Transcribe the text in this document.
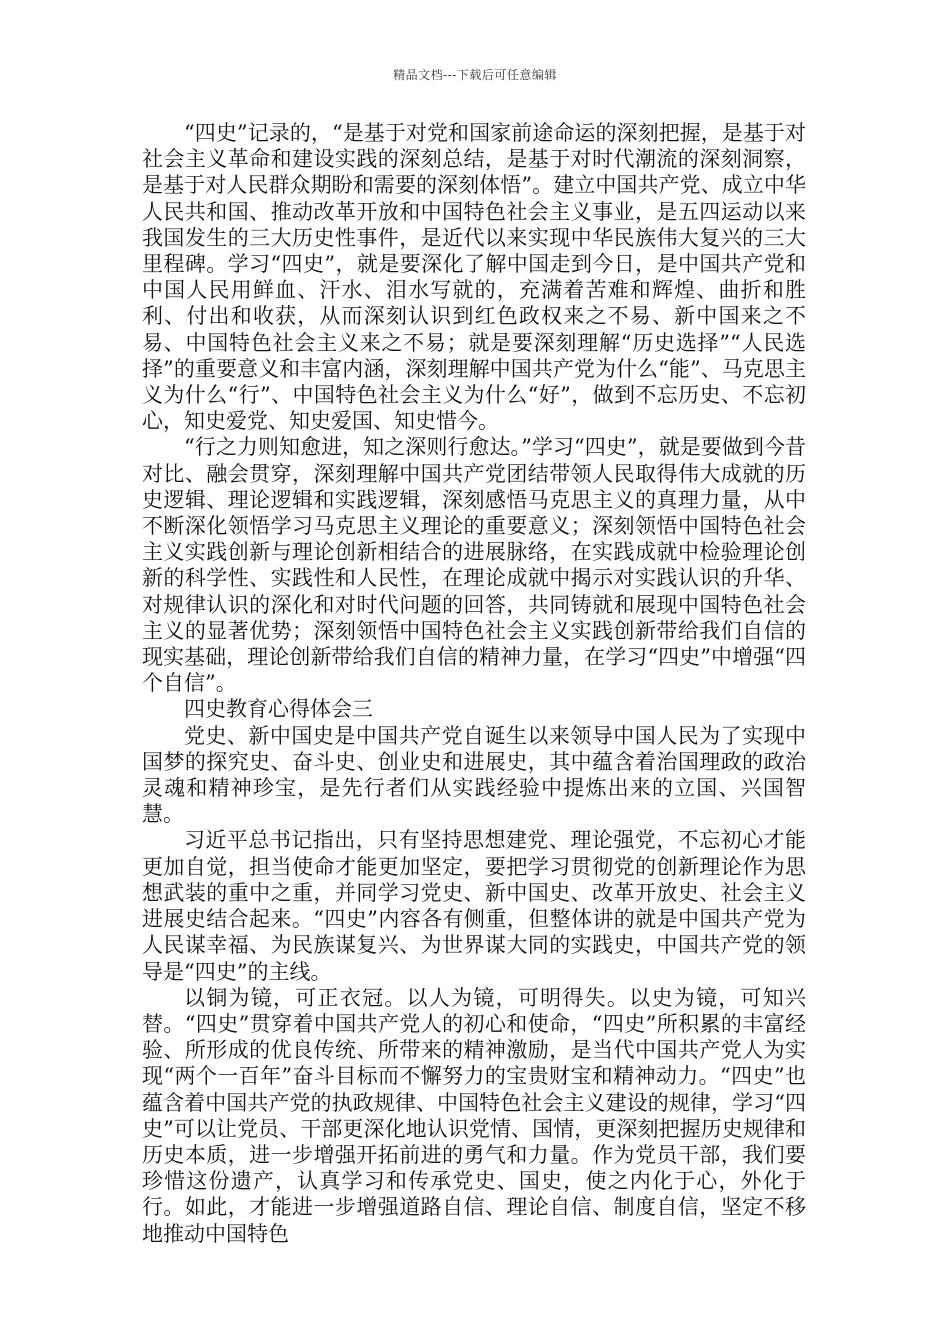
精品文档---下载后可任意编辑

“四史”记录的，“是基于对党和国家前途命运的深刻把握，是基于对社会主义革命和建设实践的深刻总结，是基于对时代潮流的深刻洞察，是基于对人民群众期盼和需要的深刻体悟”。建立中国共产党、成立中华人民共和国、推动改革开放和中国特色社会主义事业，是五四运动以来我国发生的三大历史性事件，是近代以来实现中华民族伟大复兴的三大里程碑。学习“四史”，就是要深化了解中国走到今日，是中国共产党和中国人民用鲜血、汗水、泪水写就的，充满着苦难和辉煌、曲折和胜利、付出和收获，从而深刻认识到红色政权来之不易、新中国来之不易、中国特色社会主义来之不易；就是要深刻理解“历史选择”“人民选择”的重要意义和丰富内涵，深刻理解中国共产党为什么“能”、马克思主义为什么“行”、中国特色社会主义为什么“好”，做到不忘历史、不忘初心，知史爱党、知史爱国、知史惜今。

“行之力则知愈进，知之深则行愈达。”学习“四史”，就是要做到今昔对比、融会贯穿，深刻理解中国共产党团结带领人民取得伟大成就的历史逻辑、理论逻辑和实践逻辑，深刻感悟马克思主义的真理力量，从中不断深化领悟学习马克思主义理论的重要意义；深刻领悟中国特色社会主义实践创新与理论创新相结合的进展脉络，在实践成就中检验理论创新的科学性、实践性和人民性，在理论成就中揭示对实践认识的升华、对规律认识的深化和对时代问题的回答，共同铸就和展现中国特色社会主义的显著优势；深刻领悟中国特色社会主义实践创新带给我们自信的现实基础，理论创新带给我们自信的精神力量，在学习“四史”中增强“四个自信”。

四史教育心得体会三

党史、新中国史是中国共产党自诞生以来领导中国人民为了实现中国梦的探究史、奋斗史、创业史和进展史，其中蕴含着治国理政的政治灵魂和精神珍宝，是先行者们从实践经验中提炼出来的立国、兴国智慧。

习近平总书记指出，只有坚持思想建党、理论强党，不忘初心才能更加自觉，担当使命才能更加坚定，要把学习贯彻党的创新理论作为思想武装的重中之重，并同学习党史、新中国史、改革开放史、社会主义进展史结合起来。“四史”内容各有侧重，但整体讲的就是中国共产党为人民谋幸福、为民族谋复兴、为世界谋大同的实践史，中国共产党的领导是“四史”的主线。

以铜为镜，可正衣冠。以人为镜，可明得失。以史为镜，可知兴替。“四史”贯穿着中国共产党人的初心和使命，“四史”所积累的丰富经验、所形成的优良传统、所带来的精神激励，是当代中国共产党人为实现“两个一百年”奋斗目标而不懈努力的宝贵财宝和精神动力。“四史”也蕴含着中国共产党的执政规律、中国特色社会主义建设的规律，学习“四史”可以让党员、干部更深化地认识党情、国情，更深刻把握历史规律和历史本质，进一步增强开拓前进的勇气和力量。作为党员干部，我们要珍惜这份遗产，认真学习和传承党史、国史，使之内化于心，外化于行。如此，才能进一步增强道路自信、理论自信、制度自信，坚定不移地推动中国特色
